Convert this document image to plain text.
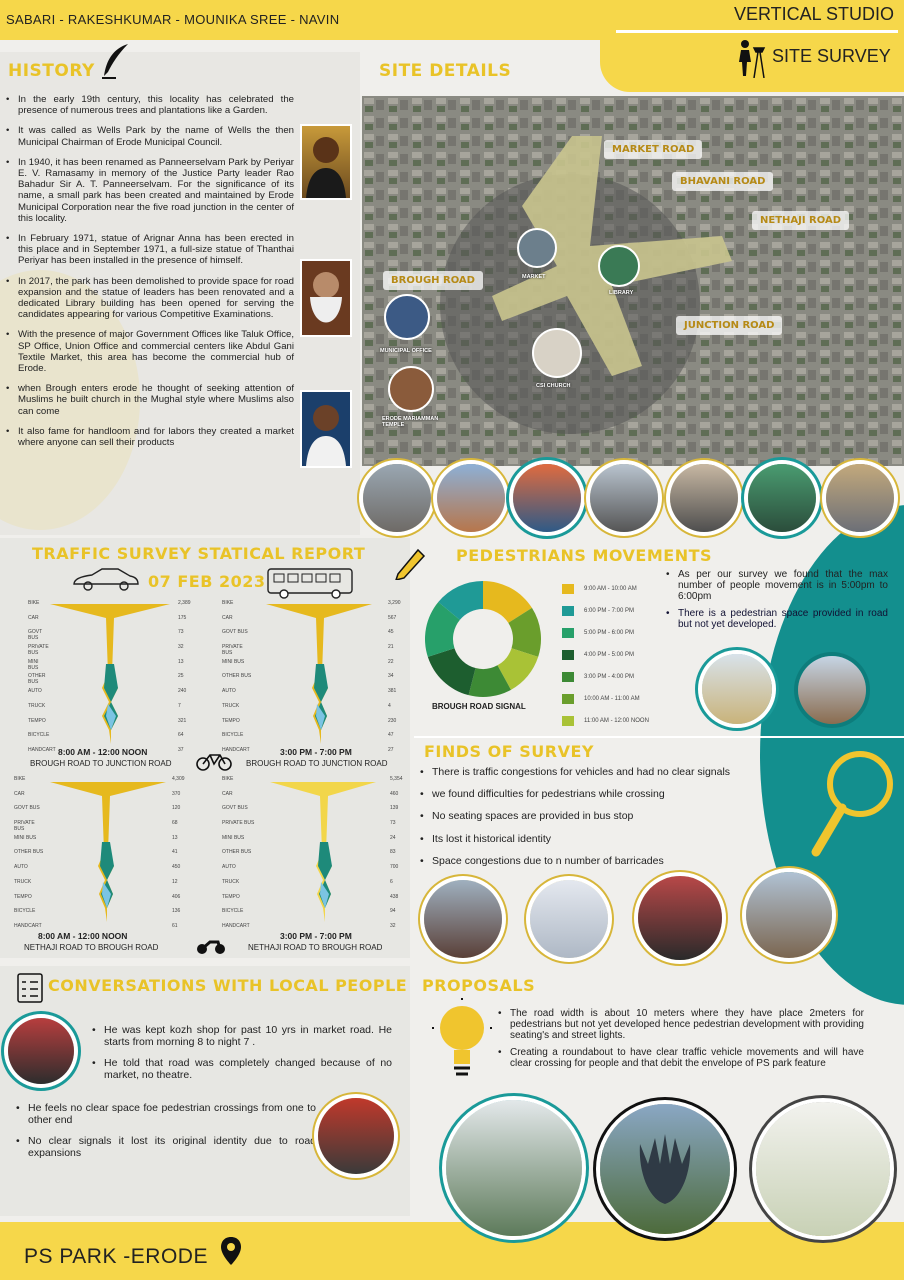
SABARI - RAKESHKUMAR - MOUNIKA SREE - NAVIN	VERTICAL STUDIO
SITE SURVEY
HISTORY
• In the early 19th century, this locality has celebrated the presence of numerous trees and plantations like a Garden.
• It was called as Wells Park by the name of Wells the then Municipal Chairman of Erode Municipal Council.
• In 1940, it has been renamed as Panneerselvam Park by Periyar E. V. Ramasamy in memory of the Justice Party leader Rao Bahadur Sir A. T. Panneerselvam. For the significance of its name, a small park has been created and maintained by Erode Municipal Corporation near the five road junction in the center of this locality.
• In February 1971, statue of Arignar Anna has been erected in this place and in September 1971, a full-size statue of Thanthai Periyar has been installed in the presence of himself.
• In 2017, the park has been demolished to provide space for road expansion and the statue of leaders has been renovated and a dedicated Library building has been opened for serving the candidates appearing for various Competitive Examinations.
• With the presence of major Government Offices like Taluk Office, SP Office, Union Office and commercial centers like Abdul Gani Textile Market, this area has become the commercial hub of Erode.
• when Brough enters erode he thought of seeking attention of Muslims he built church in the Mughal style where Muslims also can come
• It also fame for handloom and for labors they created a market where anyone can sell their products
SITE DETAILS
MARKET ROAD
BHAVANI ROAD
NETHAJI ROAD
BROUGH ROAD
JUNCTION ROAD
MARKET
LIBRARY
MUNICIPAL OFFICE
CSI CHURCH
ERODE MARIAMMAN TEMPLE
TRAFFIC SURVEY STATICAL REPORT
07 FEB 2023
BIKE
CAR
GOVT BUS
PRIVATE BUS
MINI BUS
OTHER BUS
AUTO
TRUCK
TEMPO
BICYCLE
HANDCART
2,389
175
73
32
13
25
240
7
321
64
37
8:00 AM - 12:00 NOON
BROUGH ROAD TO JUNCTION ROAD
BIKE
CAR
GOVT BUS
PRIVATE BUS
MINI BUS
OTHER BUS
AUTO
TRUCK
TEMPO
BICYCLE
HANDCART
3,290
567
45
21
22
34
381
4
230
47
27
3:00 PM - 7:00 PM
BROUGH ROAD TO JUNCTION ROAD
BIKE
CAR
GOVT BUS
PRIVATE BUS
MINI BUS
OTHER BUS
AUTO
TRUCK
TEMPO
BICYCLE
HANDCART
4,309
370
120
68
13
41
450
12
406
136
61
8:00 AM - 12:00 NOON
NETHAJI ROAD TO BROUGH ROAD
BIKE
CAR
GOVT BUS
PRIVATE BUS
MINI BUS
OTHER BUS
AUTO
TRUCK
TEMPO
BICYCLE
HANDCART
5,354
460
139
73
24
83
700
6
438
94
32
3:00 PM - 7:00 PM
NETHAJI ROAD TO BROUGH ROAD
PEDESTRIANS MOVEMENTS
BROUGH ROAD SIGNAL
9:00 AM - 10:00 AM
6:00 PM - 7:00 PM
5:00 PM - 6:00 PM
4:00 PM - 5:00 PM
3:00 PM - 4:00 PM
10:00 AM - 11:00 AM
11:00 AM - 12:00 NOON
• As per our survey we found that the max number of people movement is in 5:00pm to 6:00pm
• There is a pedestrian space provided in road but not yet developed.
FINDS OF SURVEY
• There is traffic congestions for vehicles and had no clear signals
• we found difficulties for pedestrians while crossing
• No seating spaces are provided in bus stop
• Its lost it historical identity
• Space congestions due to n number of barricades
CONVERSATIONS WITH LOCAL PEOPLE
• He was kept kozh shop for past 10 yrs in market road. He starts from morning 8 to night 7 .
• He told that road was completely changed because of no market, no theatre.
• He feels no clear space foe pedestrian crossings from one to other end
• No clear signals it lost its original identity due to road expansions
PROPOSALS
• The road width is about 10 meters where they have place 2meters for pedestrians but not yet developed hence pedestrian development with providing seating's and street lights.
• Creating a roundabout to have clear traffic vehicle movements and will have clear crossing for people and that debit the envelope of PS park feature
PS PARK -ERODE
